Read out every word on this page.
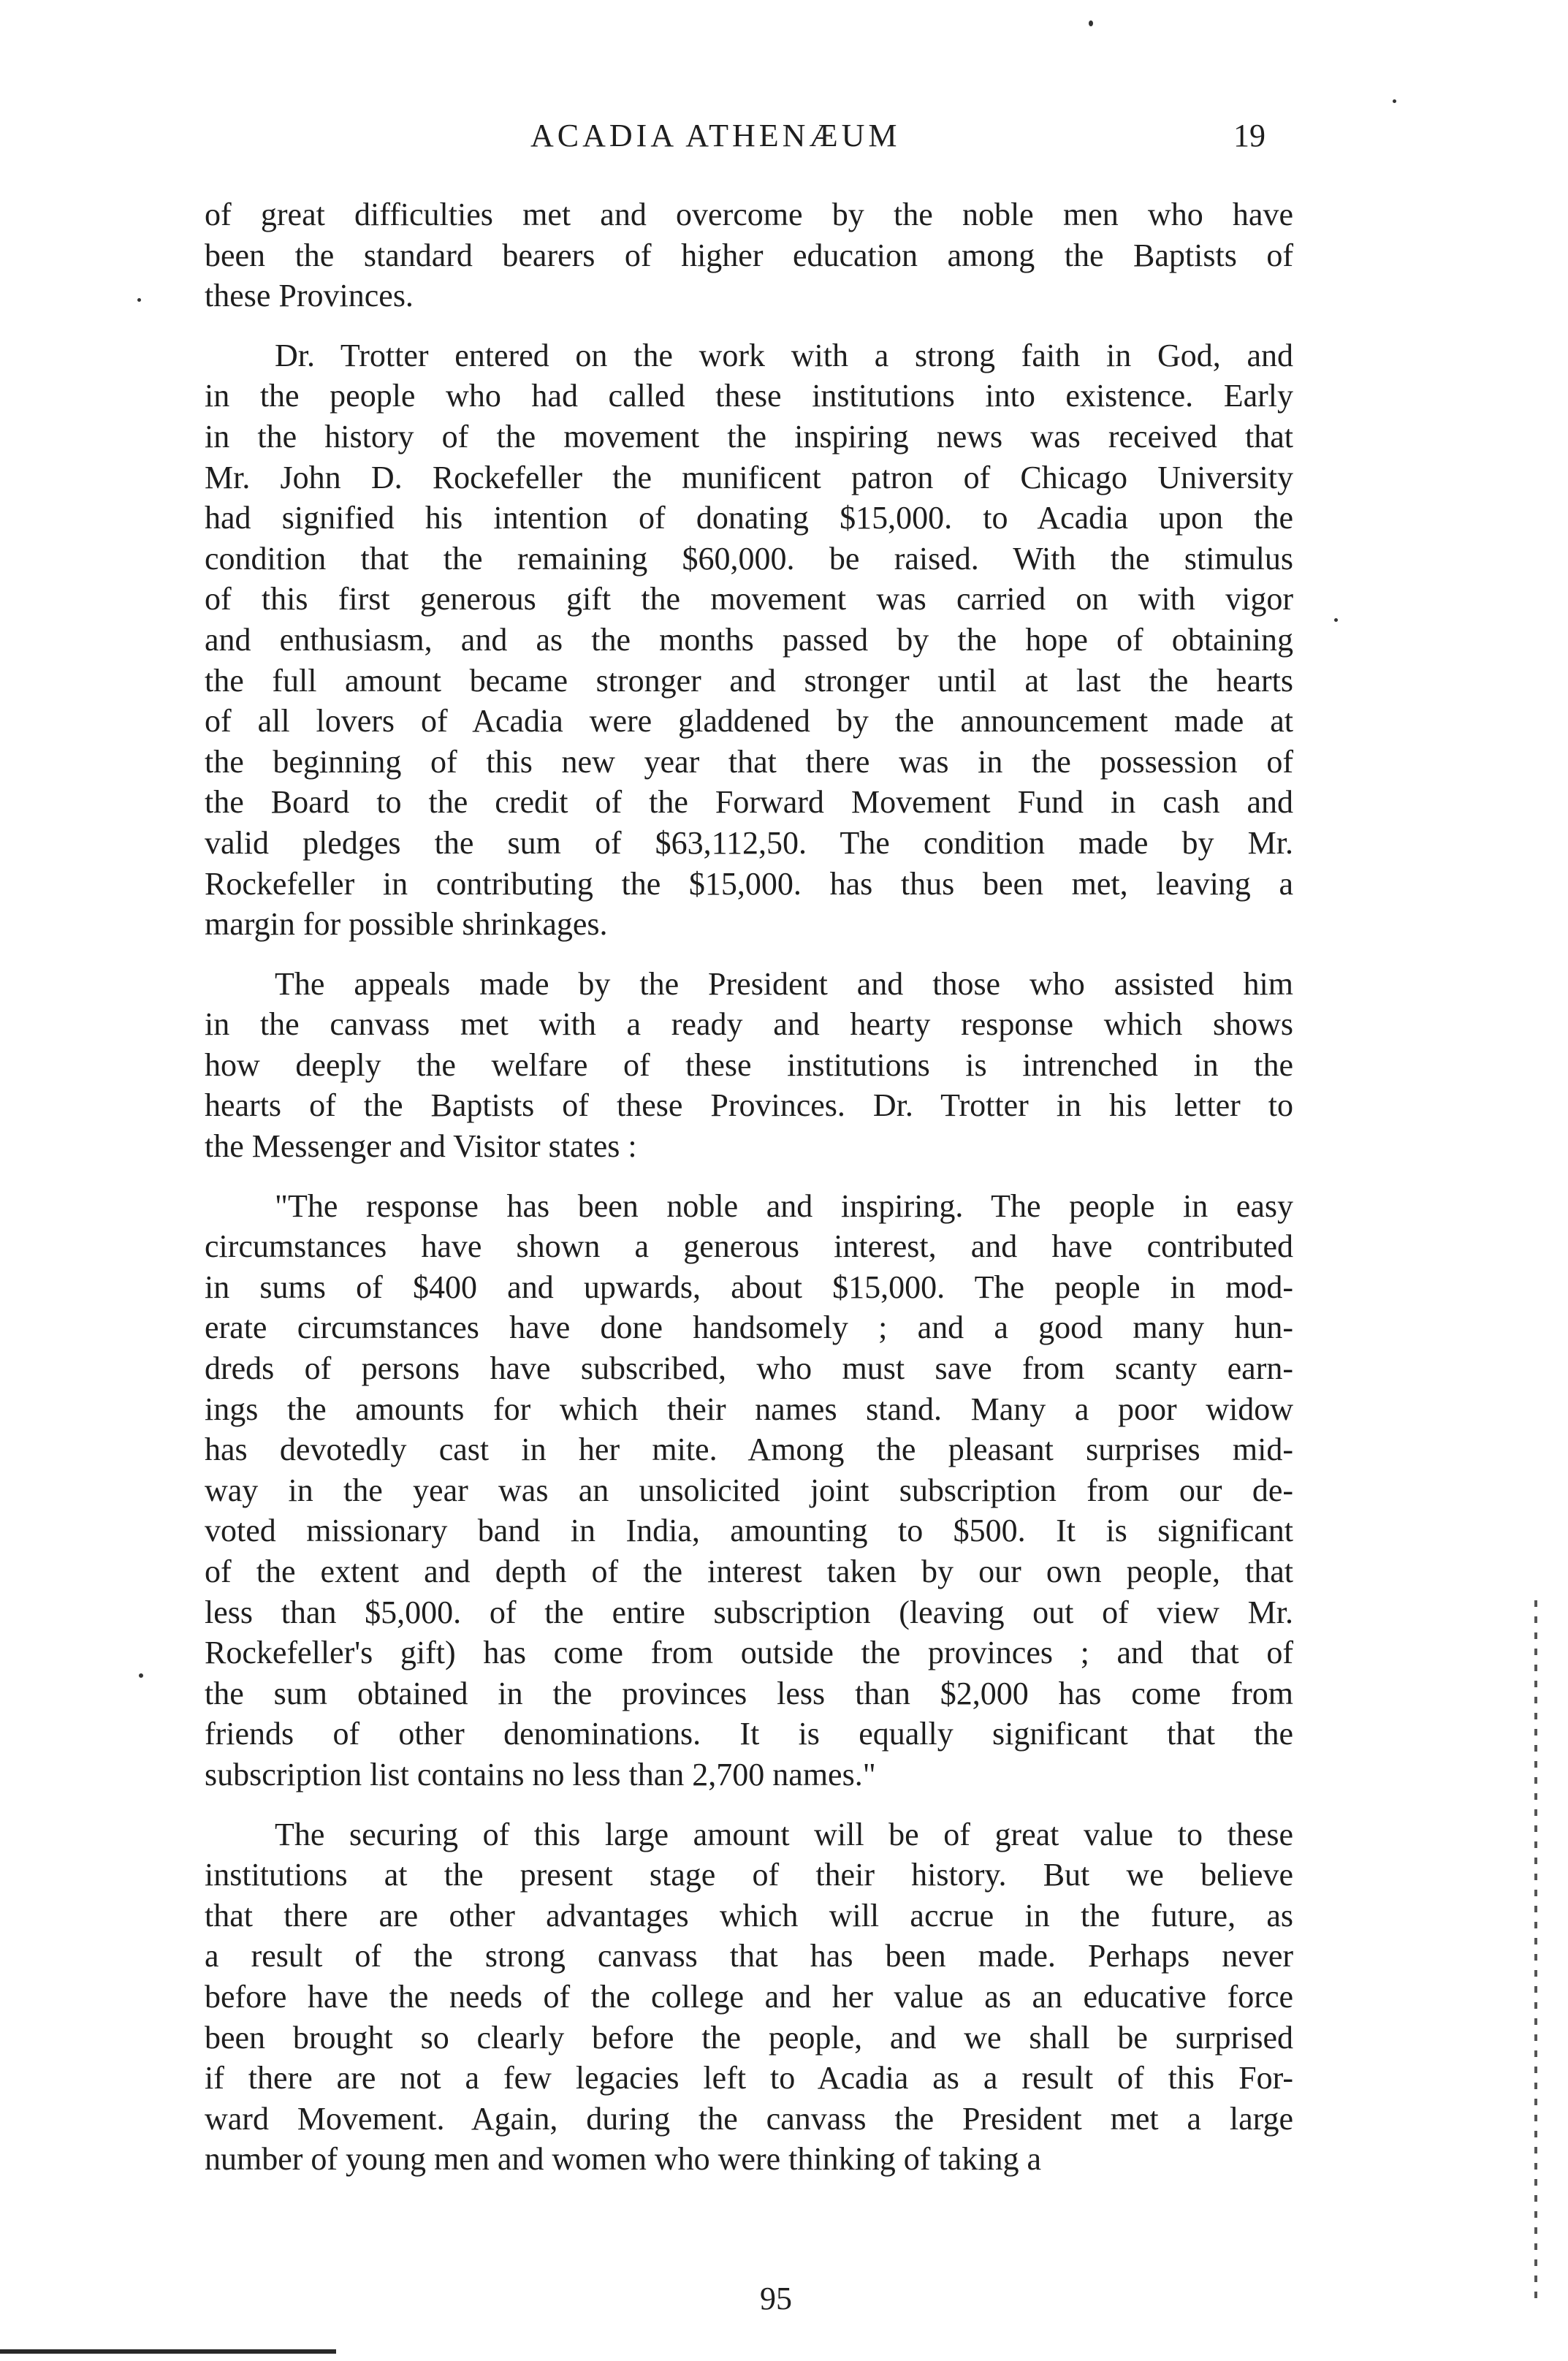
ACADIA ATHENÆUM	19
of great difficulties met and overcome by the noble men who have
been the standard bearers of higher education among the Baptists of
these Provinces.
Dr. Trotter entered on the work with a strong faith in God, and
in the people who had called these institutions into existence. Early
in the history of the movement the inspiring news was received that
Mr. John D. Rockefeller the munificent patron of Chicago University
had signified his intention of donating $15,000. to Acadia upon the
condition that the remaining $60,000. be raised. With the stimulus
of this first generous gift the movement was carried on with vigor
and enthusiasm, and as the months passed by the hope of obtaining
the full amount became stronger and stronger until at last the hearts
of all lovers of Acadia were gladdened by the announcement made at
the beginning of this new year that there was in the possession of
the Board to the credit of the Forward Movement Fund in cash and
valid pledges the sum of $63,112,50. The condition made by Mr.
Rockefeller in contributing the $15,000. has thus been met, leaving a
margin for possible shrinkages.
The appeals made by the President and those who assisted him
in the canvass met with a ready and hearty response which shows
how deeply the welfare of these institutions is intrenched in the
hearts of the Baptists of these Provinces. Dr. Trotter in his letter to
the Messenger and Visitor states :
"The response has been noble and inspiring. The people in easy
circumstances have shown a generous interest, and have contributed
in sums of $400 and upwards, about $15,000. The people in mod-
erate circumstances have done handsomely ; and a good many hun-
dreds of persons have subscribed, who must save from scanty earn-
ings the amounts for which their names stand. Many a poor widow
has devotedly cast in her mite. Among the pleasant surprises mid-
way in the year was an unsolicited joint subscription from our de-
voted missionary band in India, amounting to $500. It is significant
of the extent and depth of the interest taken by our own people, that
less than $5,000. of the entire subscription (leaving out of view Mr.
Rockefeller's gift) has come from outside the provinces ; and that of
the sum obtained in the provinces less than $2,000 has come from
friends of other denominations. It is equally significant that the
subscription list contains no less than 2,700 names."
The securing of this large amount will be of great value to these
institutions at the present stage of their history. But we believe
that there are other advantages which will accrue in the future, as
a result of the strong canvass that has been made. Perhaps never
before have the needs of the college and her value as an educative force
been brought so clearly before the people, and we shall be surprised
if there are not a few legacies left to Acadia as a result of this For-
ward Movement. Again, during the canvass the President met a large
number of young men and women who were thinking of taking a
95
